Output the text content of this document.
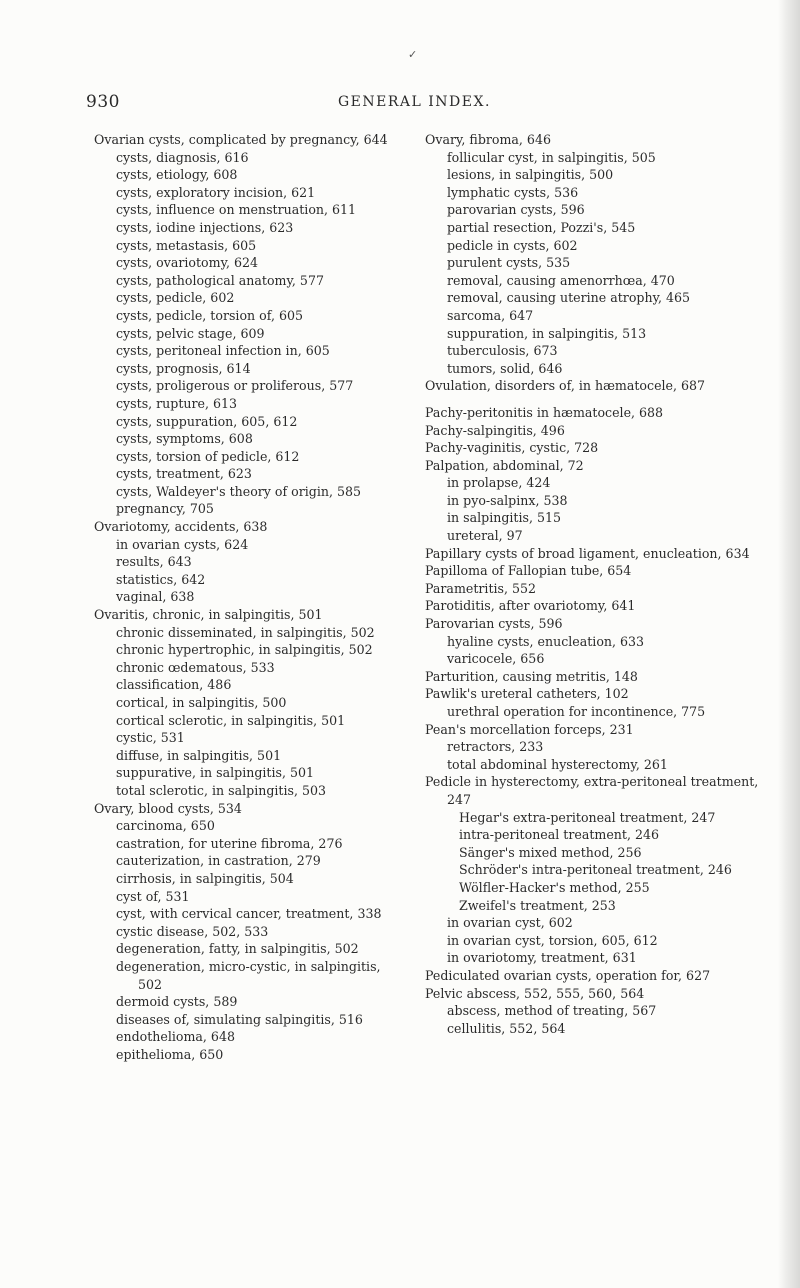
✓
930	GENERAL INDEX.
Ovarian cysts, complicated by pregnancy, 644
cysts, diagnosis, 616
cysts, etiology, 608
cysts, exploratory incision, 621
cysts, influence on menstruation, 611
cysts, iodine injections, 623
cysts, metastasis, 605
cysts, ovariotomy, 624
cysts, pathological anatomy, 577
cysts, pedicle, 602
cysts, pedicle, torsion of, 605
cysts, pelvic stage, 609
cysts, peritoneal infection in, 605
cysts, prognosis, 614
cysts, proligerous or proliferous, 577
cysts, rupture, 613
cysts, suppuration, 605, 612
cysts, symptoms, 608
cysts, torsion of pedicle, 612
cysts, treatment, 623
cysts, Waldeyer's theory of origin, 585
pregnancy, 705
Ovariotomy, accidents, 638
in ovarian cysts, 624
results, 643
statistics, 642
vaginal, 638
Ovaritis, chronic, in salpingitis, 501
chronic disseminated, in salpingitis, 502
chronic hypertrophic, in salpingitis, 502
chronic œdematous, 533
classification, 486
cortical, in salpingitis, 500
cortical sclerotic, in salpingitis, 501
cystic, 531
diffuse, in salpingitis, 501
suppurative, in salpingitis, 501
total sclerotic, in salpingitis, 503
Ovary, blood cysts, 534
carcinoma, 650
castration, for uterine fibroma, 276
cauterization, in castration, 279
cirrhosis, in salpingitis, 504
cyst of, 531
cyst, with cervical cancer, treatment, 338
cystic disease, 502, 533
degeneration, fatty, in salpingitis, 502
degeneration, micro-cystic, in salpingitis, 502
dermoid cysts, 589
diseases of, simulating salpingitis, 516
endothelioma, 648
epithelioma, 650
Ovary, fibroma, 646
follicular cyst, in salpingitis, 505
lesions, in salpingitis, 500
lymphatic cysts, 536
parovarian cysts, 596
partial resection, Pozzi's, 545
pedicle in cysts, 602
purulent cysts, 535
removal, causing amenorrhœa, 470
removal, causing uterine atrophy, 465
sarcoma, 647
suppuration, in salpingitis, 513
tuberculosis, 673
tumors, solid, 646
Ovulation, disorders of, in hæmatocele, 687
Pachy-peritonitis in hæmatocele, 688
Pachy-salpingitis, 496
Pachy-vaginitis, cystic, 728
Palpation, abdominal, 72
in prolapse, 424
in pyo-salpinx, 538
in salpingitis, 515
ureteral, 97
Papillary cysts of broad ligament, enucleation, 634
Papilloma of Fallopian tube, 654
Parametritis, 552
Parotiditis, after ovariotomy, 641
Parovarian cysts, 596
hyaline cysts, enucleation, 633
varicocele, 656
Parturition, causing metritis, 148
Pawlik's ureteral catheters, 102
urethral operation for incontinence, 775
Pean's morcellation forceps, 231
retractors, 233
total abdominal hysterectomy, 261
Pedicle in hysterectomy, extra-peritoneal treatment, 247
Hegar's extra-peritoneal treatment, 247
intra-peritoneal treatment, 246
Sänger's mixed method, 256
Schröder's intra-peritoneal treatment, 246
Wölfler-Hacker's method, 255
Zweifel's treatment, 253
in ovarian cyst, 602
in ovarian cyst, torsion, 605, 612
in ovariotomy, treatment, 631
Pediculated ovarian cysts, operation for, 627
Pelvic abscess, 552, 555, 560, 564
abscess, method of treating, 567
cellulitis, 552, 564
